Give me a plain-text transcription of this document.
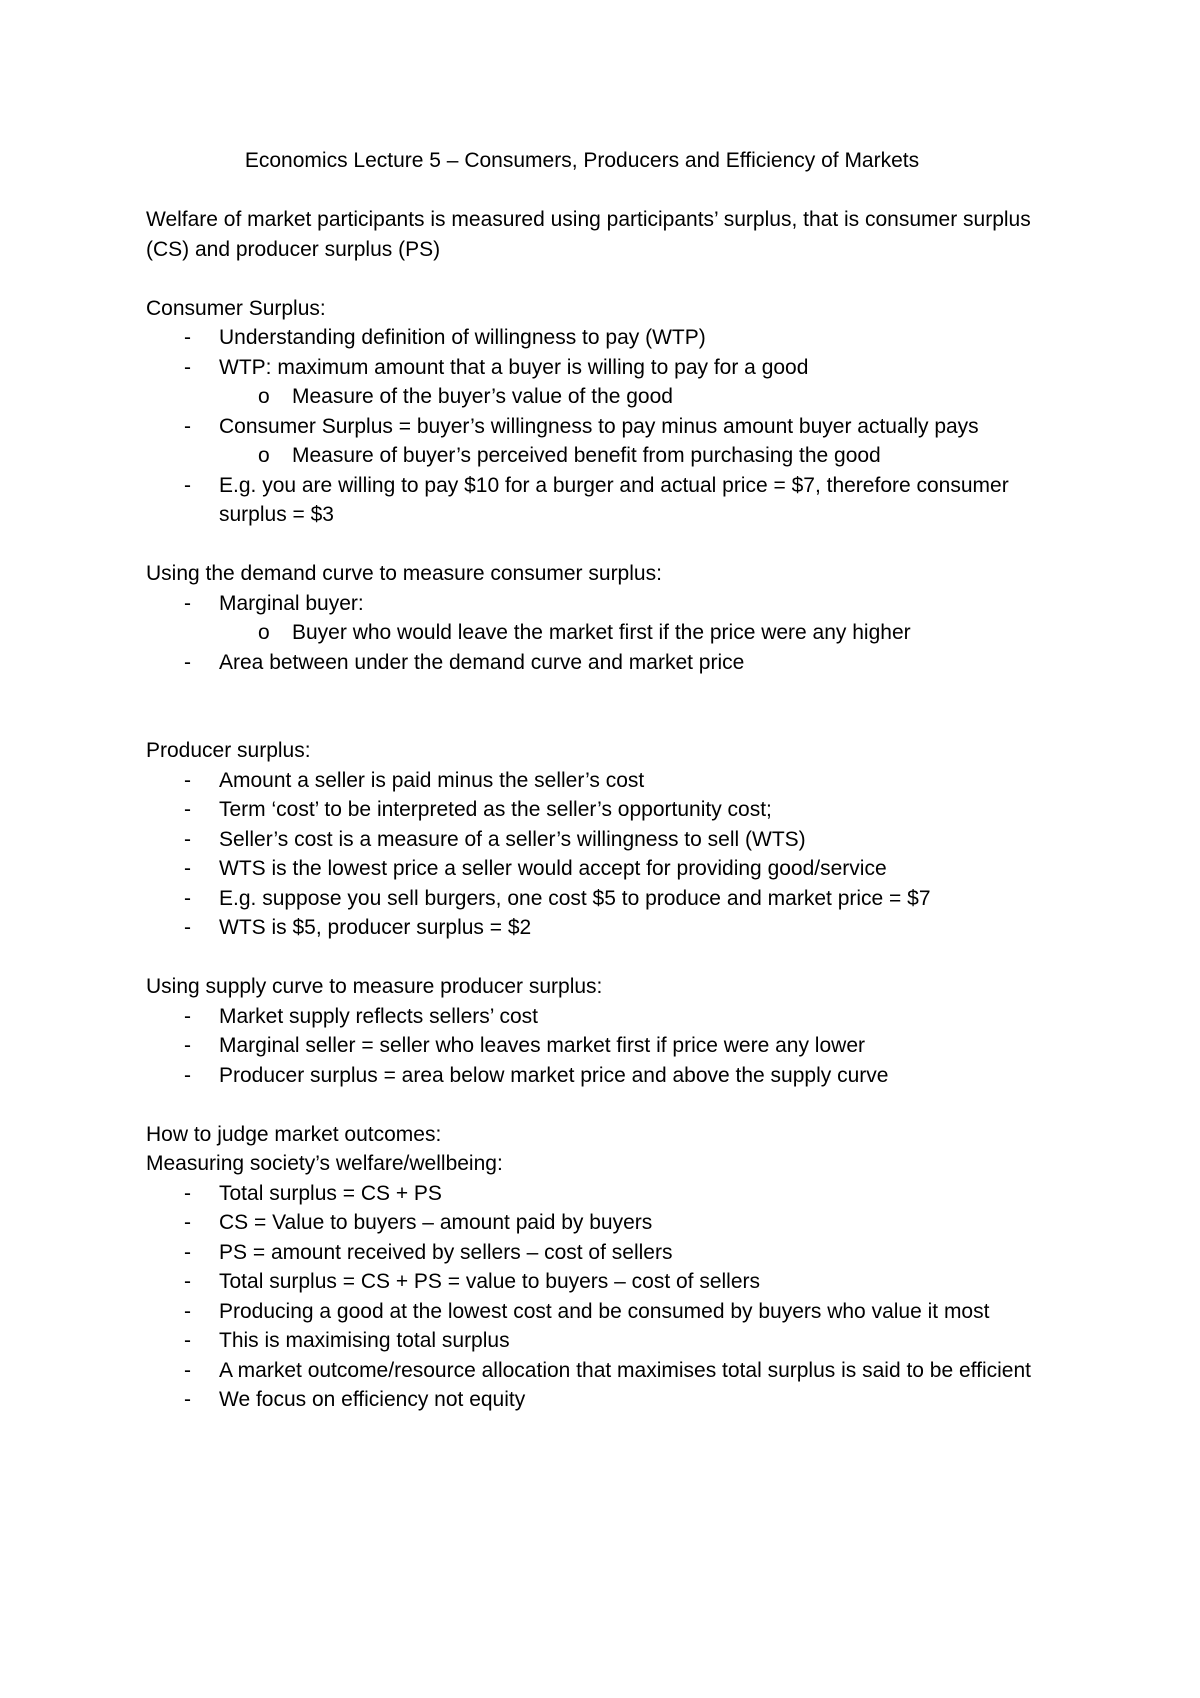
Economics Lecture 5 – Consumers, Producers and Efficiency of Markets

Welfare of market participants is measured using participants’ surplus, that is consumer surplus (CS) and producer surplus (PS)

Consumer Surplus:

- Understanding definition of willingness to pay (WTP)
- WTP: maximum amount that a buyer is willing to pay for a good
o Measure of the buyer’s value of the good
- Consumer Surplus = buyer’s willingness to pay minus amount buyer actually pays
o Measure of buyer’s perceived benefit from purchasing the good
- E.g. you are willing to pay $10 for a burger and actual price = $7, therefore consumer surplus = $3

Using the demand curve to measure consumer surplus:

- Marginal buyer:
o Buyer who would leave the market first if the price were any higher
- Area between under the demand curve and market price

Producer surplus:

- Amount a seller is paid minus the seller’s cost
- Term ‘cost’ to be interpreted as the seller’s opportunity cost;
- Seller’s cost is a measure of a seller’s willingness to sell (WTS)
- WTS is the lowest price a seller would accept for providing good/service
- E.g. suppose you sell burgers, one cost $5 to produce and market price = $7
- WTS is $5, producer surplus = $2

Using supply curve to measure producer surplus:

- Market supply reflects sellers’ cost
- Marginal seller = seller who leaves market first if price were any lower
- Producer surplus = area below market price and above the supply curve

How to judge market outcomes:

Measuring society’s welfare/wellbeing:

- Total surplus = CS + PS
- CS = Value to buyers – amount paid by buyers
- PS = amount received by sellers – cost of sellers
- Total surplus = CS + PS = value to buyers – cost of sellers
- Producing a good at the lowest cost and be consumed by buyers who value it most
- This is maximising total surplus
- A market outcome/resource allocation that maximises total surplus is said to be efficient
- We focus on efficiency not equity
